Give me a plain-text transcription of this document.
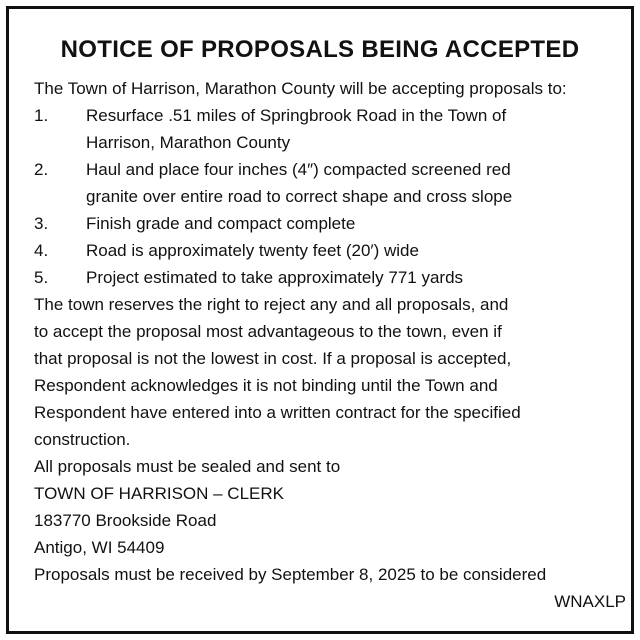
NOTICE OF PROPOSALS BEING ACCEPTED
The Town of Harrison, Marathon County will be accepting proposals to:
1.	Resurface .51 miles of Springbrook Road in the Town of
Harrison, Marathon County
2.	Haul and place four inches (4″) compacted screened red
granite over entire road to correct shape and cross slope
3.	Finish grade and compact complete
4.	Road is approximately twenty feet (20′) wide
5.	Project estimated to take approximately 771 yards
The town reserves the right to reject any and all proposals, and
to accept the proposal most advantageous to the town, even if
that proposal is not the lowest in cost. If a proposal is accepted,
Respondent acknowledges it is not binding until the Town and
Respondent have entered into a written contract for the specified
construction.
All proposals must be sealed and sent to
TOWN OF HARRISON – CLERK
183770 Brookside Road
Antigo, WI 54409
Proposals must be received by September 8, 2025 to be considered
WNAXLP
